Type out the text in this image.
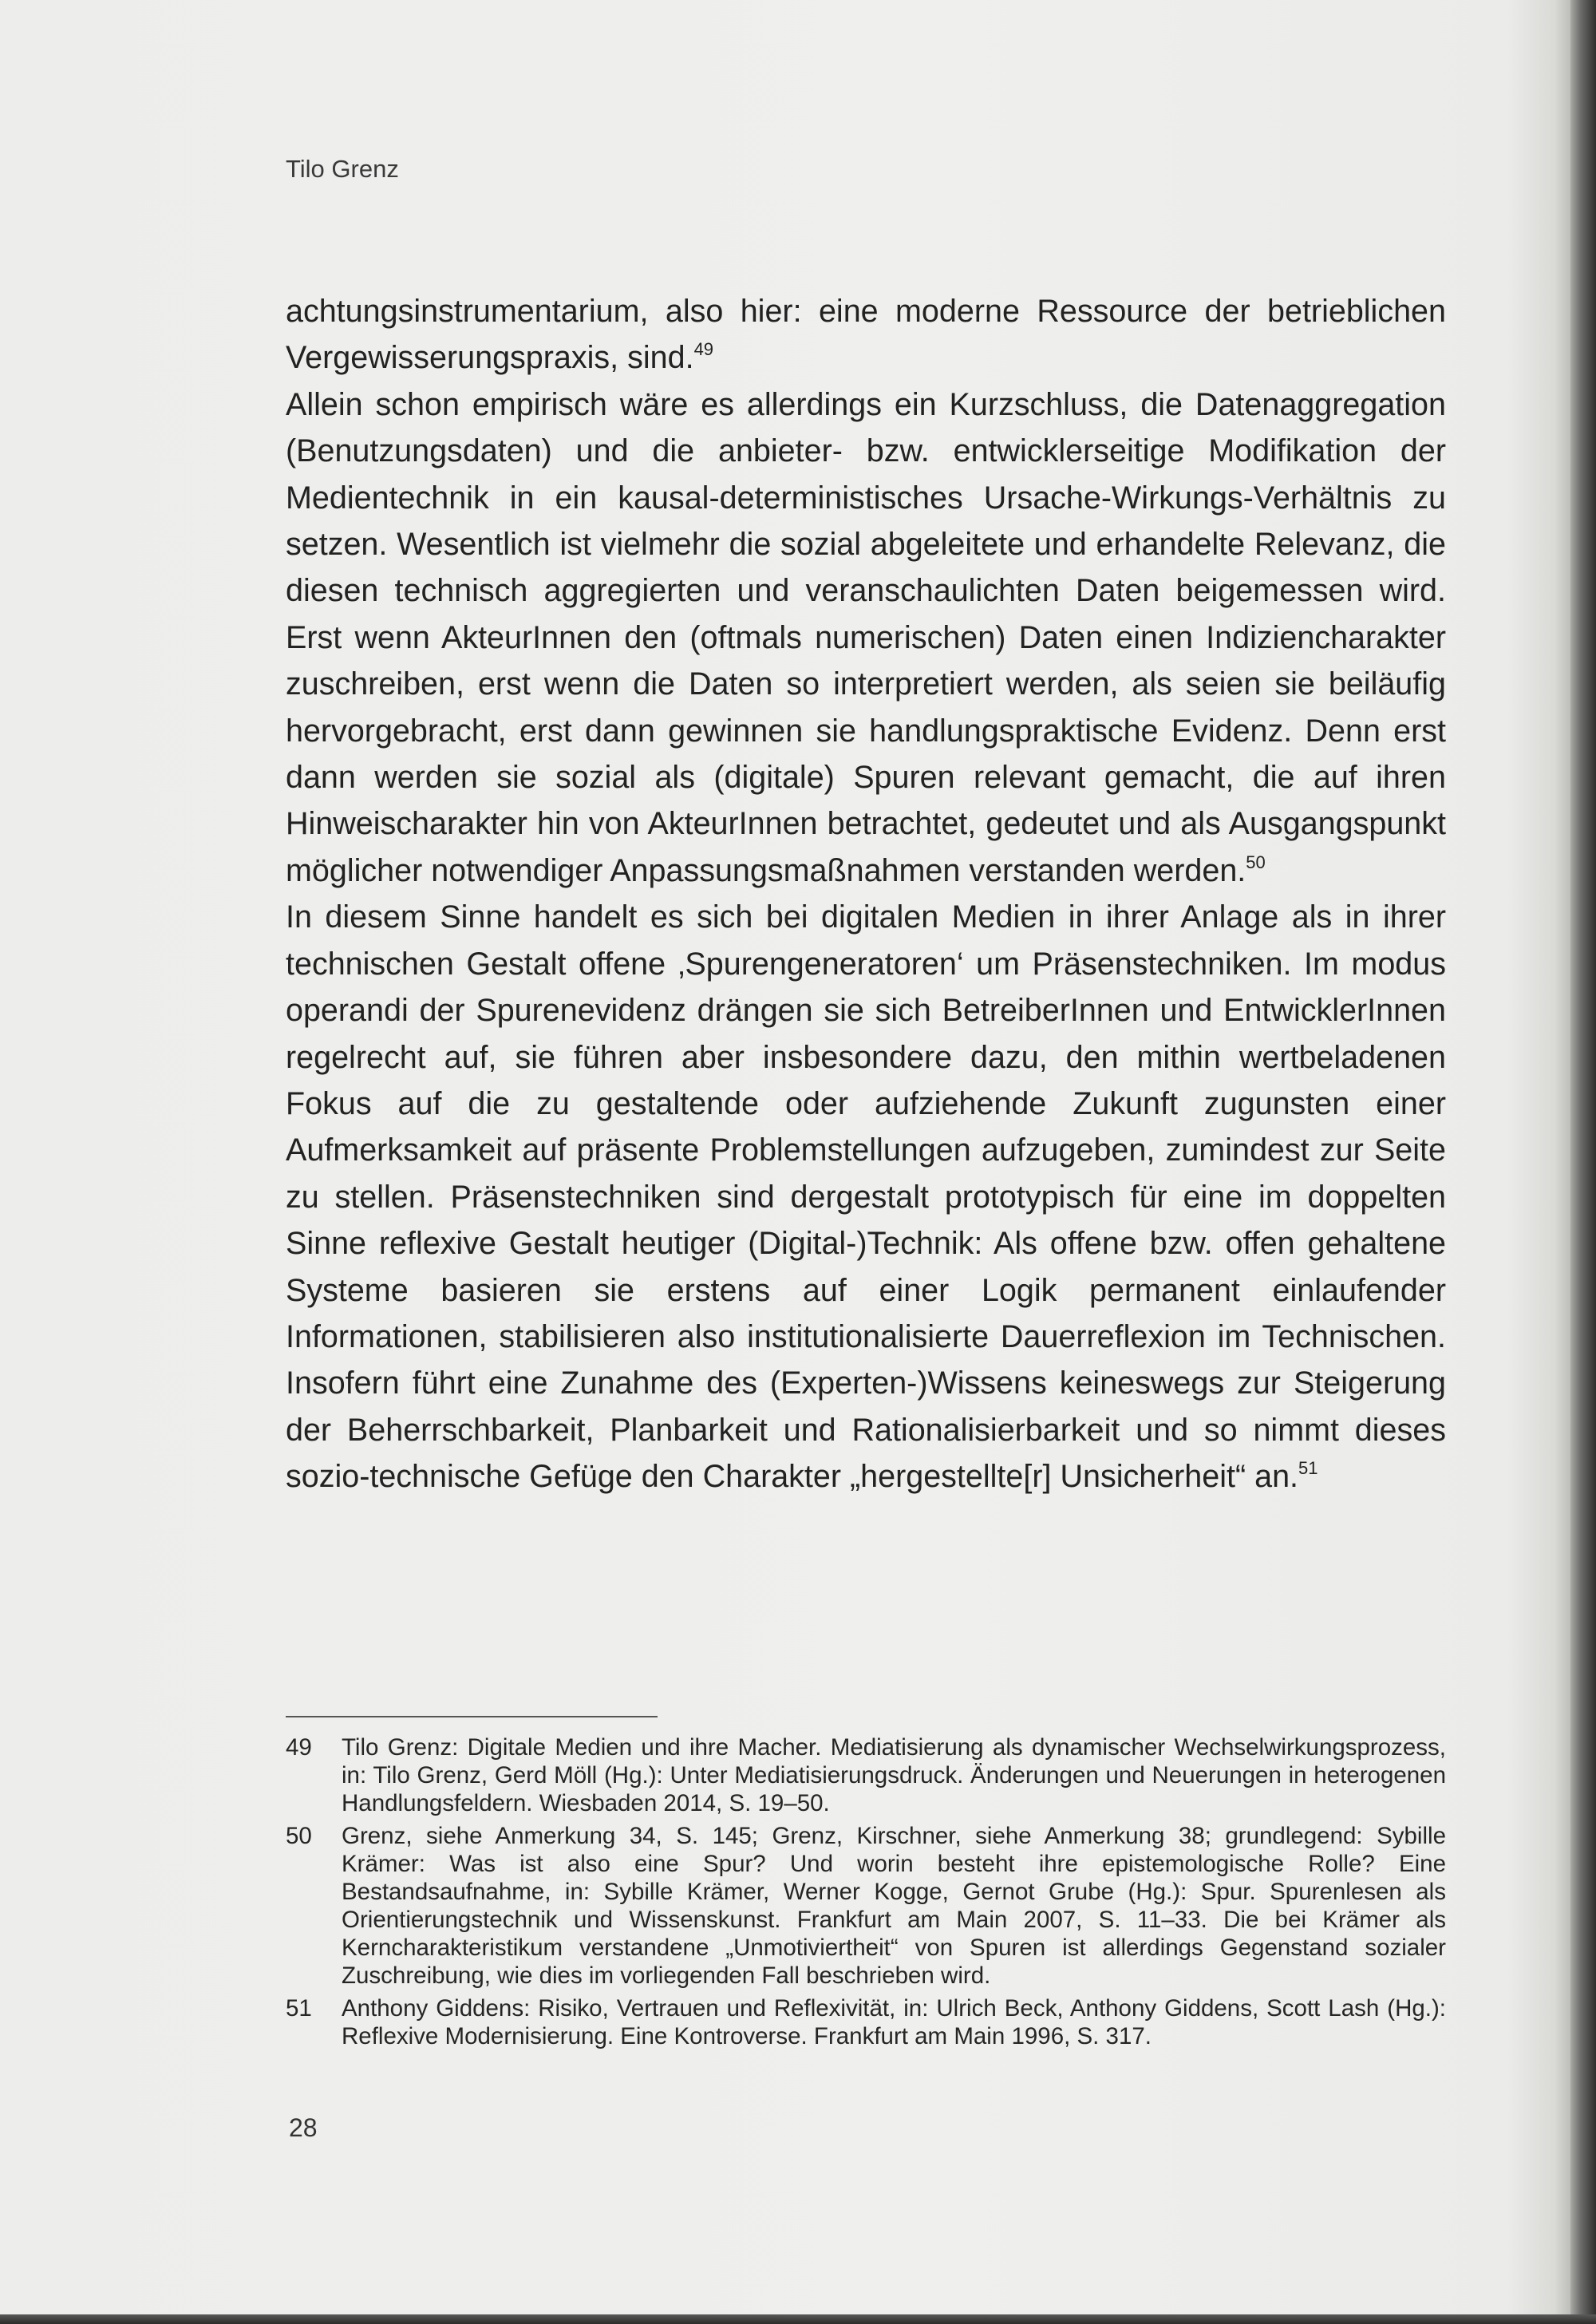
Tilo Grenz

achtungsinstrumentarium, also hier: eine moderne Ressource der betrieblichen Vergewisserungspraxis, sind.$^{49}$

Allein schon empirisch wäre es allerdings ein Kurzschluss, die Datenaggregation (Benutzungsdaten) und die anbieter- bzw. entwicklerseitige Modifikation der Medientechnik in ein kausal-deterministisches Ursache-Wirkungs-Verhältnis zu setzen. Wesentlich ist vielmehr die sozial abgeleitete und erhandelte Relevanz, die diesen technisch aggregierten und veranschaulichten Daten beigemessen wird. Erst wenn AkteurInnen den (oftmals numerischen) Daten einen Indiziencharakter zuschreiben, erst wenn die Daten so interpretiert werden, als seien sie beiläufig hervorgebracht, erst dann gewinnen sie handlungspraktische Evidenz. Denn erst dann werden sie sozial als (digitale) Spuren relevant gemacht, die auf ihren Hinweischarakter hin von AkteurInnen betrachtet, gedeutet und als Ausgangspunkt möglicher notwendiger Anpassungsmaßnahmen verstanden werden.$^{50}$

In diesem Sinne handelt es sich bei digitalen Medien in ihrer Anlage als in ihrer technischen Gestalt offene ‚Spurengeneratoren‘ um Präsenstechniken. Im modus operandi der Spurenevidenz drängen sie sich BetreiberInnen und EntwicklerInnen regelrecht auf, sie führen aber insbesondere dazu, den mithin wertbeladenen Fokus auf die zu gestaltende oder aufziehende Zukunft zugunsten einer Aufmerksamkeit auf präsente Problemstellungen aufzugeben, zumindest zur Seite zu stellen. Präsenstechniken sind dergestalt prototypisch für eine im doppelten Sinne reflexive Gestalt heutiger (Digital-)Technik: Als offene bzw. offen gehaltene Systeme basieren sie erstens auf einer Logik permanent einlaufender Informationen, stabilisieren also institutionalisierte Dauerreflexion im Technischen. Insofern führt eine Zunahme des (Experten-)Wissens keineswegs zur Steigerung der Beherrschbarkeit, Planbarkeit und Rationalisierbarkeit und so nimmt dieses sozio-technische Gefüge den Charakter „hergestellte[r] Unsicherheit“ an.$^{51}$

49	Tilo Grenz: Digitale Medien und ihre Macher. Mediatisierung als dynamischer Wechselwirkungsprozess, in: Tilo Grenz, Gerd Möll (Hg.): Unter Mediatisierungsdruck. Änderungen und Neuerungen in heterogenen Handlungsfeldern. Wiesbaden 2014, S. 19–50.
50	Grenz, siehe Anmerkung 34, S. 145; Grenz, Kirschner, siehe Anmerkung 38; grundlegend: Sybille Krämer: Was ist also eine Spur? Und worin besteht ihre epistemologische Rolle? Eine Bestandsaufnahme, in: Sybille Krämer, Werner Kogge, Gernot Grube (Hg.): Spur. Spurenlesen als Orientierungstechnik und Wissenskunst. Frankfurt am Main 2007, S. 11–33. Die bei Krämer als Kerncharakteristikum verstandene „Unmotiviertheit“ von Spuren ist allerdings Gegenstand sozialer Zuschreibung, wie dies im vorliegenden Fall beschrieben wird.
51	Anthony Giddens: Risiko, Vertrauen und Reflexivität, in: Ulrich Beck, Anthony Giddens, Scott Lash (Hg.): Reflexive Modernisierung. Eine Kontroverse. Frankfurt am Main 1996, S. 317.
28
